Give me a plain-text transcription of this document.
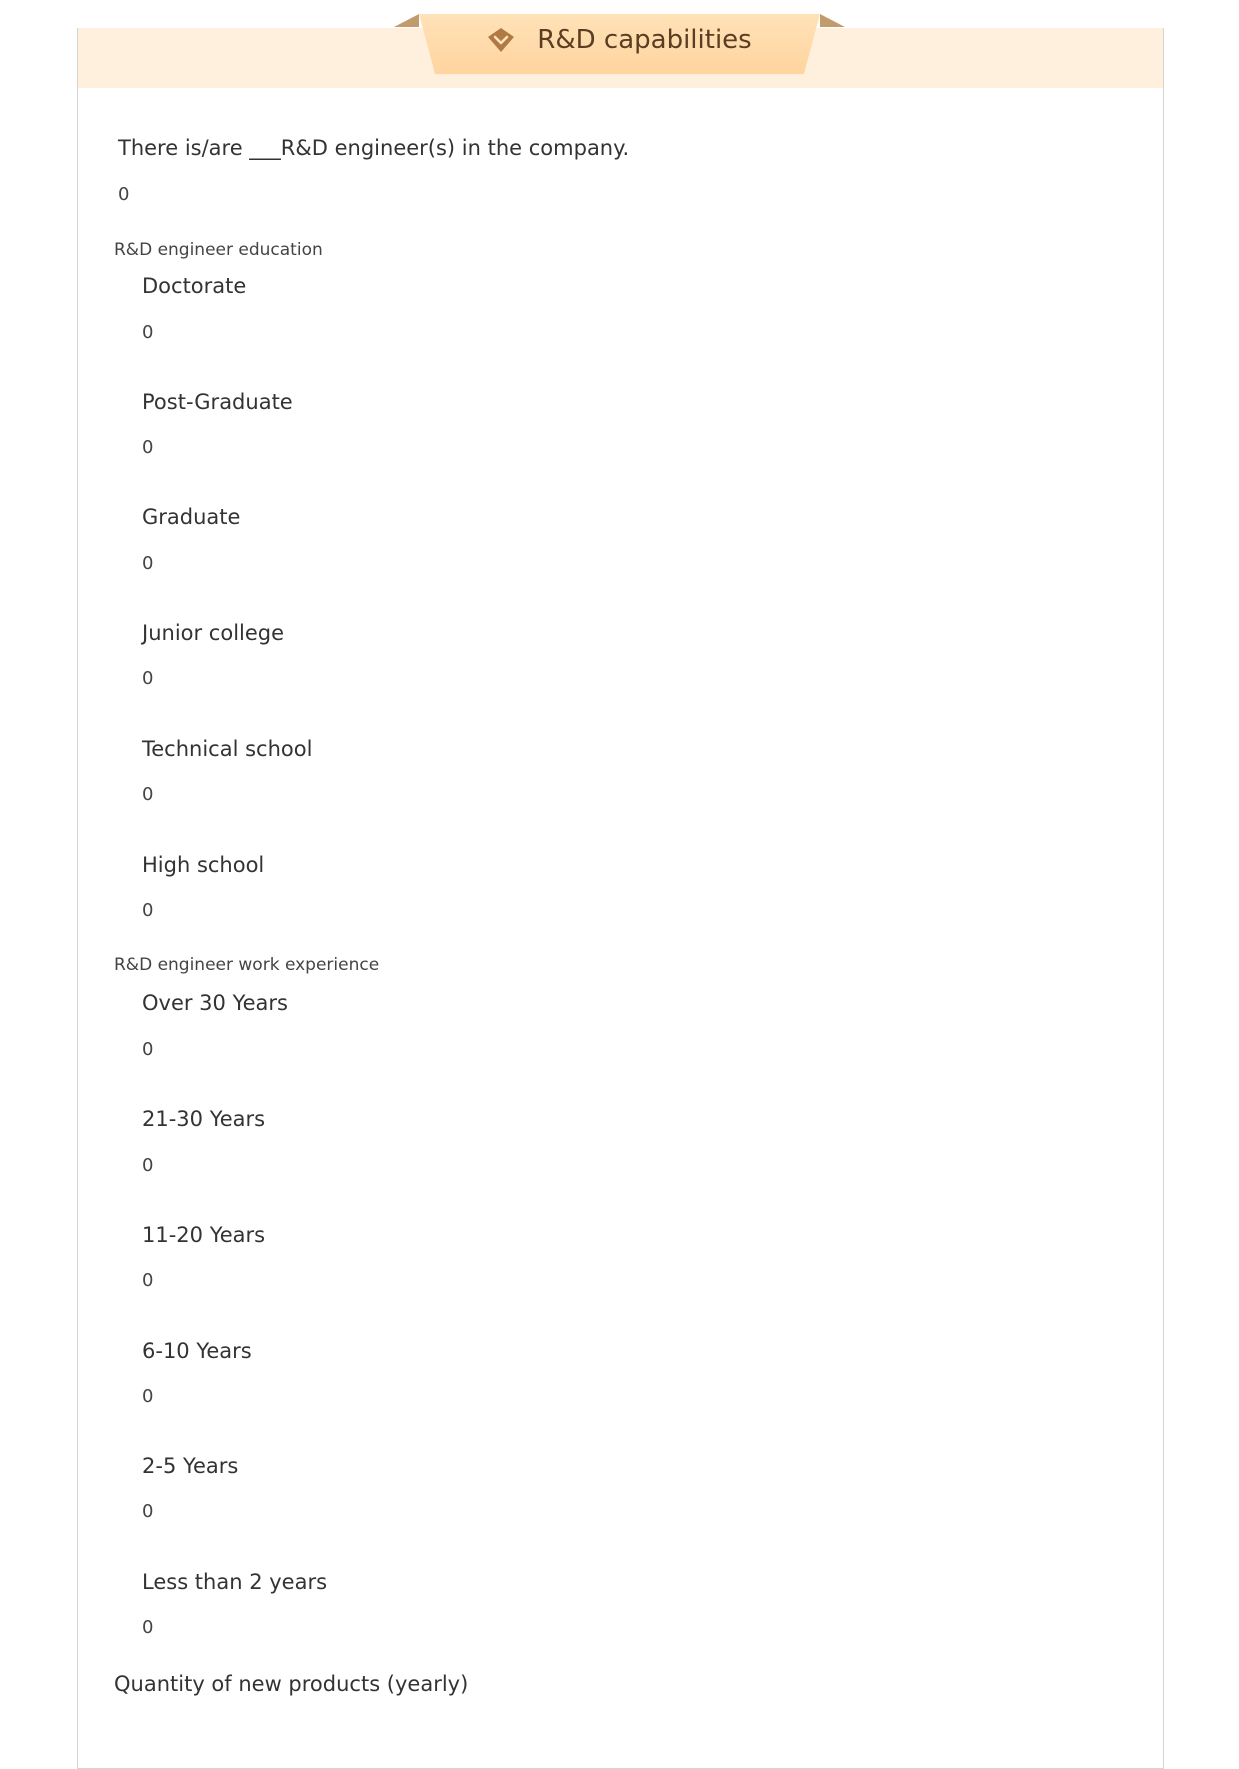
R&D capabilities
There is/are ___R&D engineer(s) in the company.
0
R&D engineer education
Doctorate
0
Post-Graduate
0
Graduate
0
Junior college
0
Technical school
0
High school
0
R&D engineer work experience
Over 30 Years
0
21-30 Years
0
11-20 Years
0
6-10 Years
0
2-5 Years
0
Less than 2 years
0
Quantity of new products (yearly)
